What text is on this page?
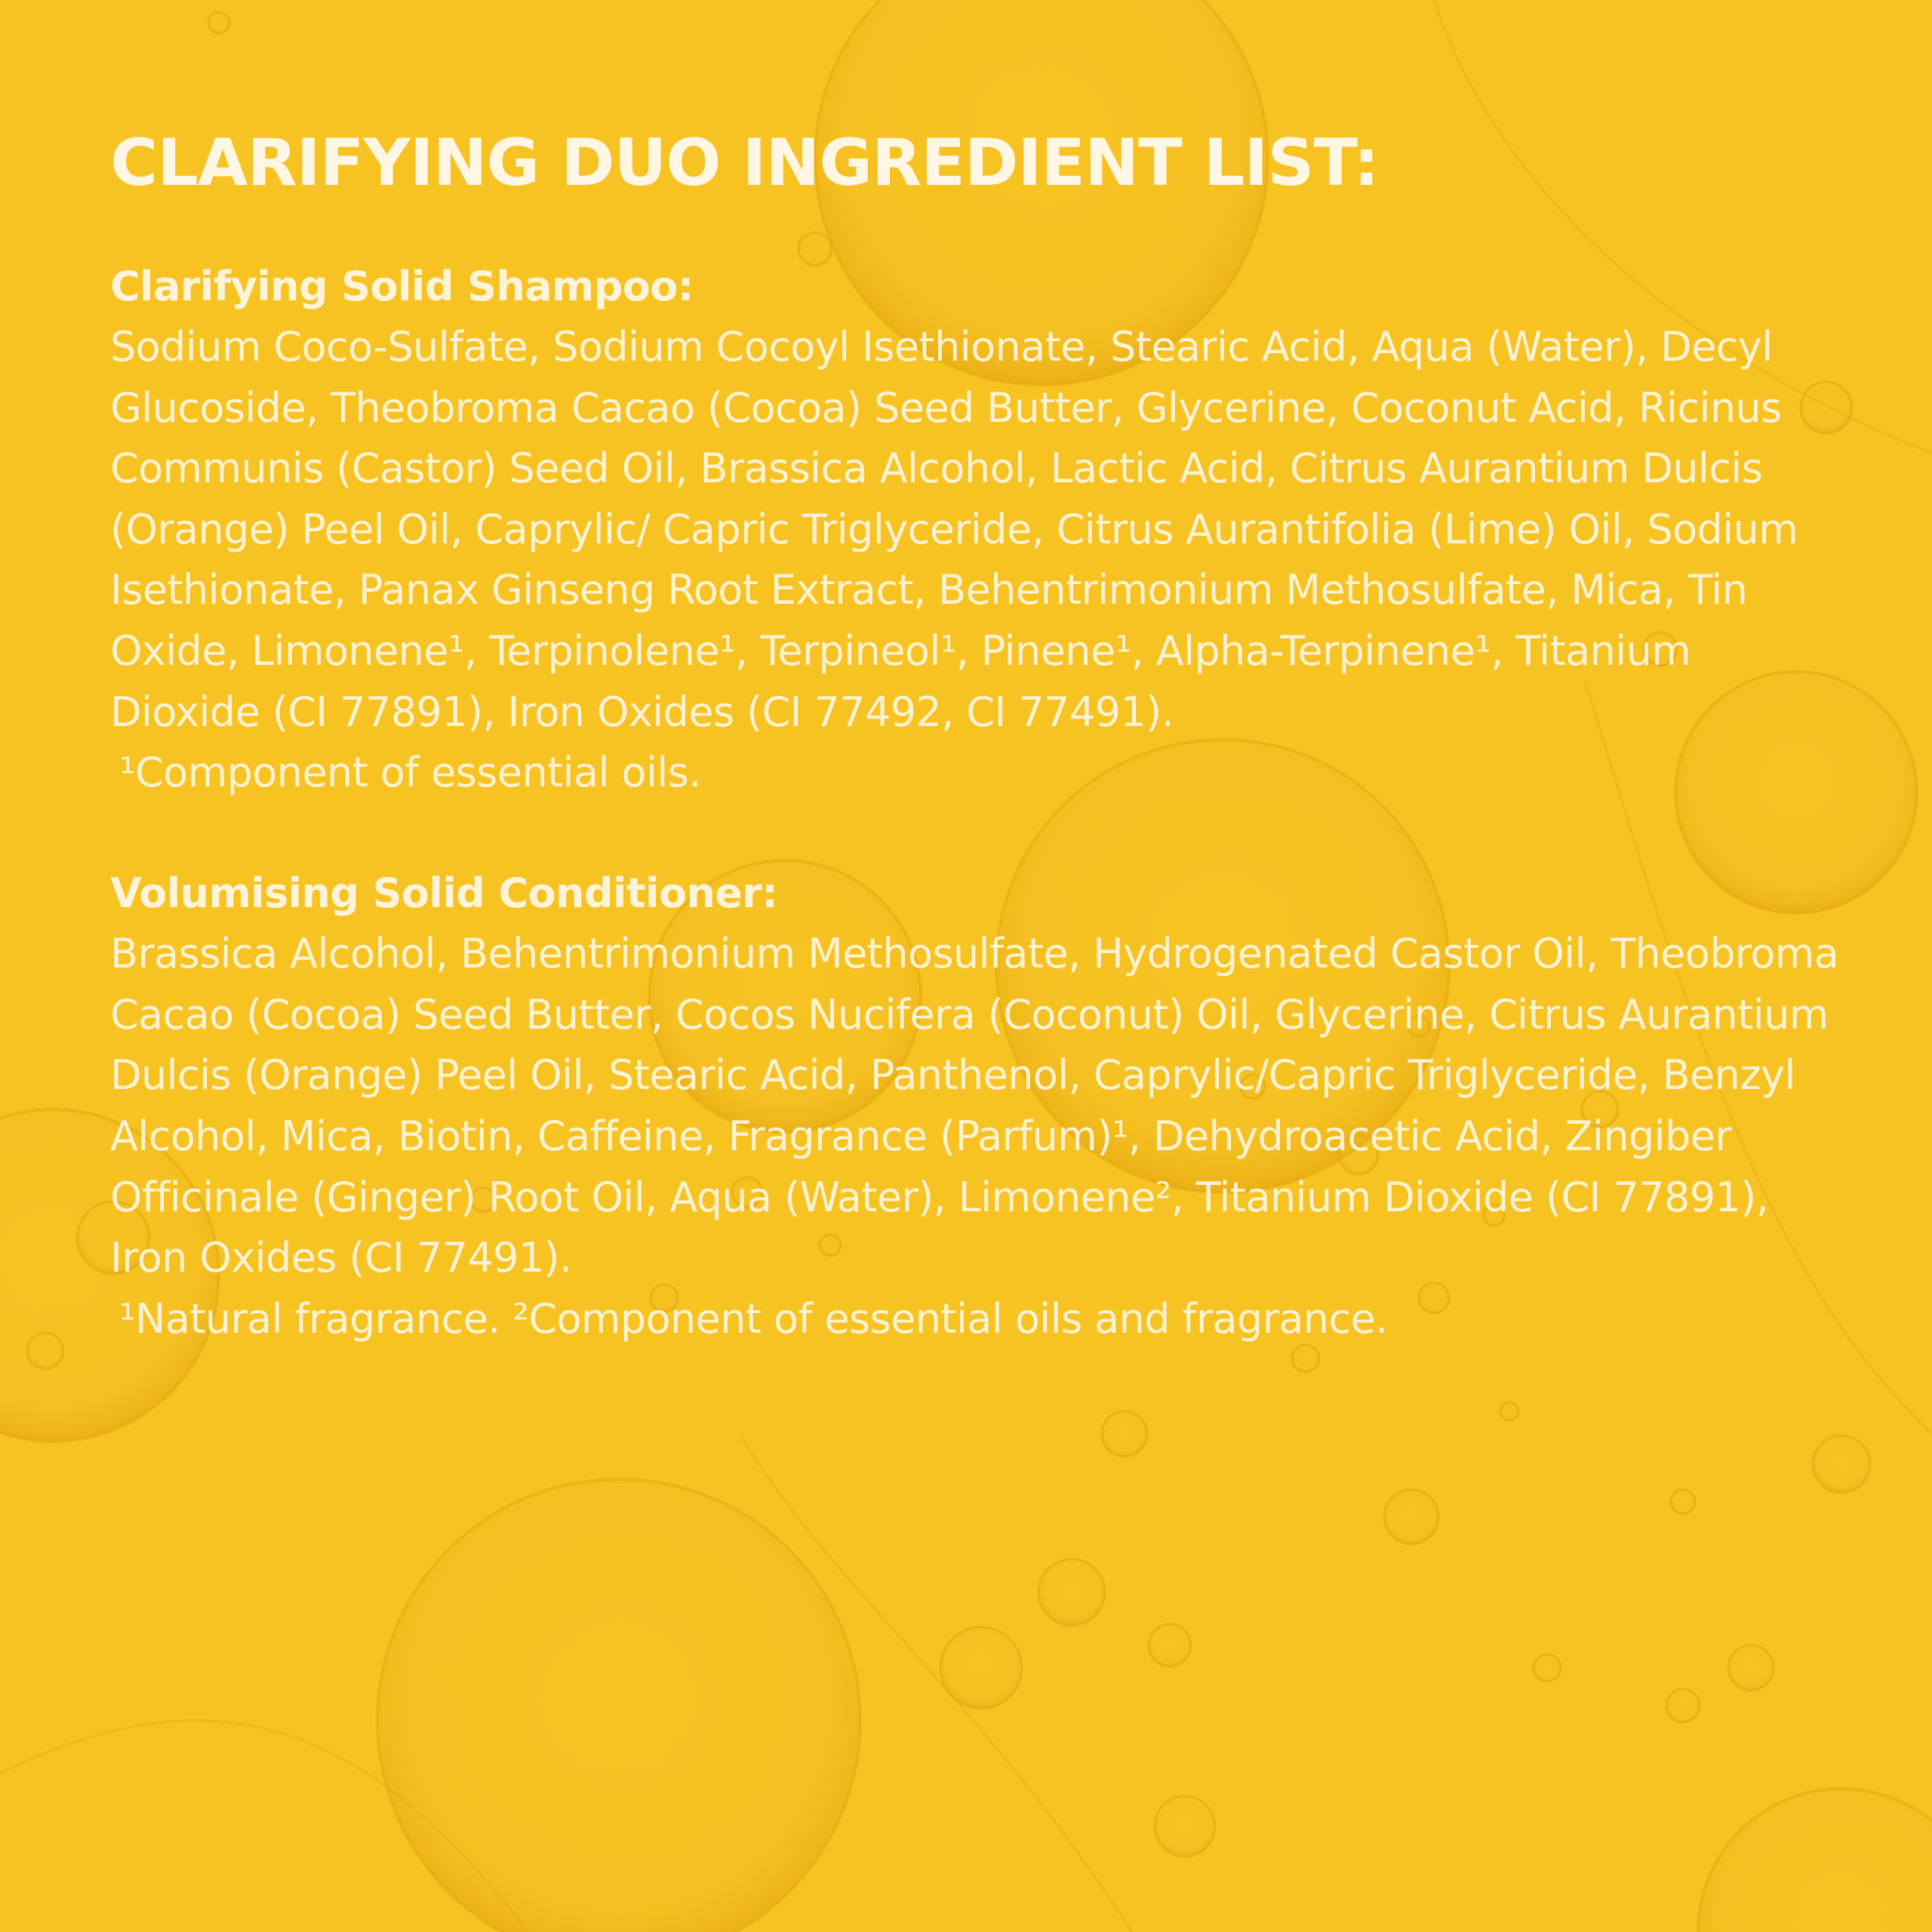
CLARIFYING DUO INGREDIENT LIST:
Clarifying Solid Shampoo:

Sodium Coco-Sulfate, Sodium Cocoyl Isethionate, Stearic Acid, Aqua (Water), Decyl Glucoside, Theobroma Cacao (Cocoa) Seed Butter, Glycerine, Coconut Acid, Ricinus Communis (Castor) Seed Oil, Brassica Alcohol, Lactic Acid, Citrus Aurantium Dulcis (Orange) Peel Oil, Caprylic/ Capric Triglyceride, Citrus Aurantifolia (Lime) Oil, Sodium Isethionate, Panax Ginseng Root Extract, Behentrimonium Methosulfate, Mica, Tin Oxide, Limonene¹, Terpinolene¹, Terpineol¹, Pinene¹, Alpha-Terpinene¹, Titanium Dioxide (CI 77891), Iron Oxides (CI 77492, CI 77491).

¹Component of essential oils.

Volumising Solid Conditioner:

Brassica Alcohol, Behentrimonium Methosulfate, Hydrogenated Castor Oil, Theobroma Cacao (Cocoa) Seed Butter, Cocos Nucifera (Coconut) Oil, Glycerine, Citrus Aurantium Dulcis (Orange) Peel Oil, Stearic Acid, Panthenol, Caprylic/Capric Triglyceride, Benzyl Alcohol, Mica, Biotin, Caffeine, Fragrance (Parfum)¹, Dehydroacetic Acid, Zingiber Officinale (Ginger) Root Oil, Aqua (Water), Limonene², Titanium Dioxide (CI 77891), Iron Oxides (CI 77491).

¹Natural fragrance. ²Component of essential oils and fragrance.
